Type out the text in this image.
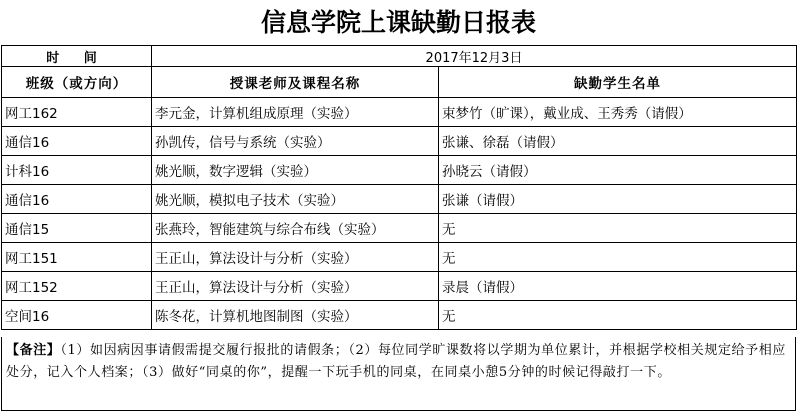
信息学院上课缺勤日报表
时 间	2017年12月3日	
班级（或方向）	授课老师及课程名称	缺勤学生名单
网工162	李元金，计算机组成原理（实验）	束梦竹（旷课），戴业成、王秀秀（请假）
通信16	孙凯传，信号与系统（实验）	张谦、徐磊（请假）
计科16	姚光顺，数字逻辑（实验）	孙晓云（请假）
通信16	姚光顺，模拟电子技术（实验）	张谦（请假）
通信15	张燕玲，智能建筑与综合布线（实验）	无
网工151	王正山，算法设计与分析（实验）	无
网工152	王正山，算法设计与分析（实验）	录晨（请假）
空间16	陈冬花，计算机地图制图（实验）	无
【备注】（1）如因病因事请假需提交履行报批的请假条；（2）每位同学旷课数将以学期为单位累计，并根据学校相关规定给予相应处分，记入个人档案；（3）做好“同桌的你”，提醒一下玩手机的同桌，在同桌小憩5分钟的时候记得敲打一下。
